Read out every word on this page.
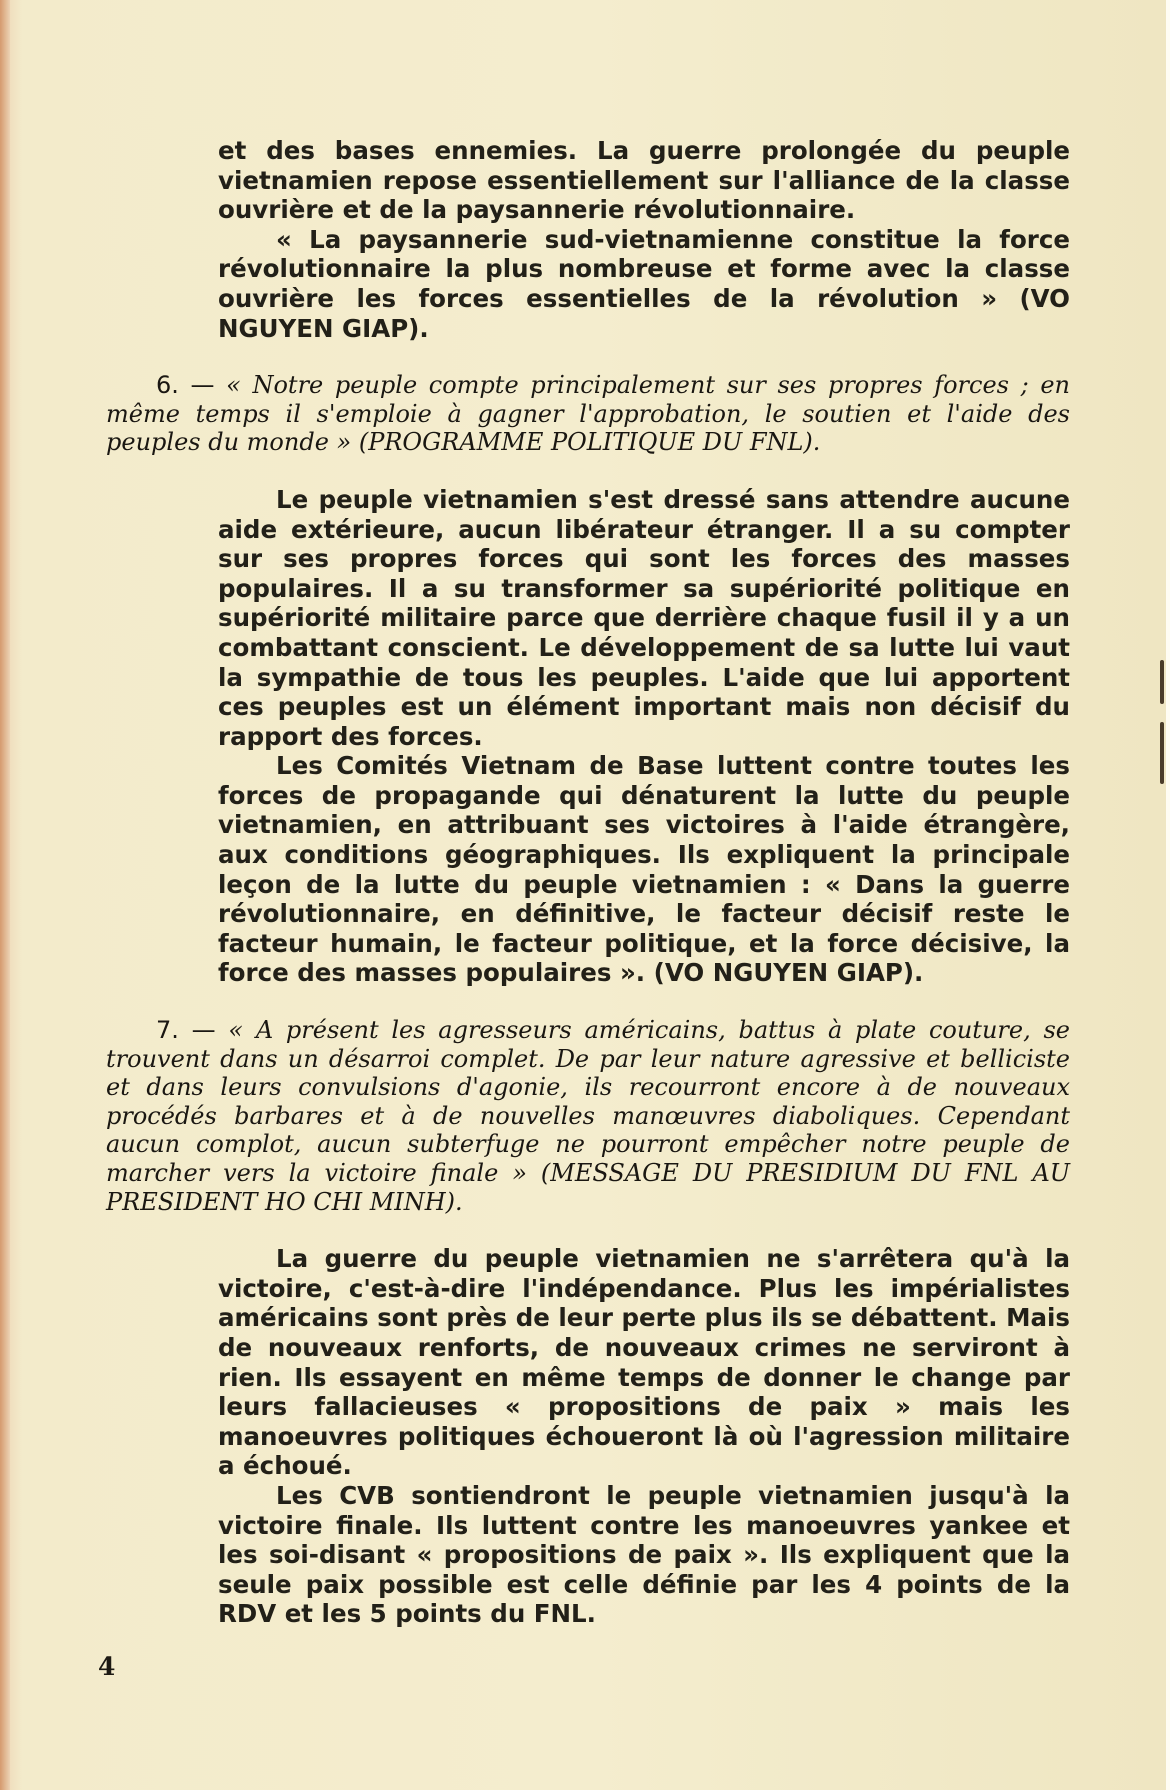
et des bases ennemies. La guerre prolongée du peuple vietnamien repose essentiellement sur l'alliance de la classe ouvrière et de la paysannerie révolutionnaire.

« La paysannerie sud-vietnamienne constitue la force révolutionnaire la plus nombreuse et forme avec la classe ouvrière les forces essentielles de la révolution » (VO NGUYEN GIAP).

6. — « Notre peuple compte principalement sur ses propres forces ; en même temps il s'emploie à gagner l'approbation, le soutien et l'aide des peuples du monde » (PROGRAMME POLITIQUE DU FNL).

Le peuple vietnamien s'est dressé sans attendre aucune aide extérieure, aucun libérateur étranger. Il a su compter sur ses propres forces qui sont les forces des masses populaires. Il a su transformer sa supériorité politique en supériorité militaire parce que derrière chaque fusil il y a un combattant conscient. Le développement de sa lutte lui vaut la sympathie de tous les peuples. L'aide que lui apportent ces peuples est un élément important mais non décisif du rapport des forces.

Les Comités Vietnam de Base luttent contre toutes les forces de propagande qui dénaturent la lutte du peuple vietnamien, en attribuant ses victoires à l'aide étrangère, aux conditions géographiques. Ils expliquent la principale leçon de la lutte du peuple vietnamien : « Dans la guerre révolutionnaire, en définitive, le facteur décisif reste le facteur humain, le facteur politique, et la force décisive, la force des masses populaires ». (VO NGUYEN GIAP).

7. — « A présent les agresseurs américains, battus à plate couture, se trouvent dans un désarroi complet. De par leur nature agressive et belliciste et dans leurs convulsions d'agonie, ils recourront encore à de nouveaux procédés barbares et à de nouvelles manœuvres diaboliques. Cependant aucun complot, aucun subterfuge ne pourront empêcher notre peuple de marcher vers la victoire finale » (MESSAGE DU PRESIDIUM DU FNL AU PRESIDENT HO CHI MINH).

La guerre du peuple vietnamien ne s'arrêtera qu'à la victoire, c'est-à-dire l'indépendance. Plus les impérialistes américains sont près de leur perte plus ils se débattent. Mais de nouveaux renforts, de nouveaux crimes ne serviront à rien. Ils essayent en même temps de donner le change par leurs fallacieuses « propositions de paix » mais les manoeuvres politiques échoueront là où l'agression militaire a échoué.

Les CVB sontiendront le peuple vietnamien jusqu'à la victoire finale. Ils luttent contre les manoeuvres yankee et les soi-disant « propositions de paix ». Ils expliquent que la seule paix possible est celle définie par les 4 points de la RDV et les 5 points du FNL.

4
